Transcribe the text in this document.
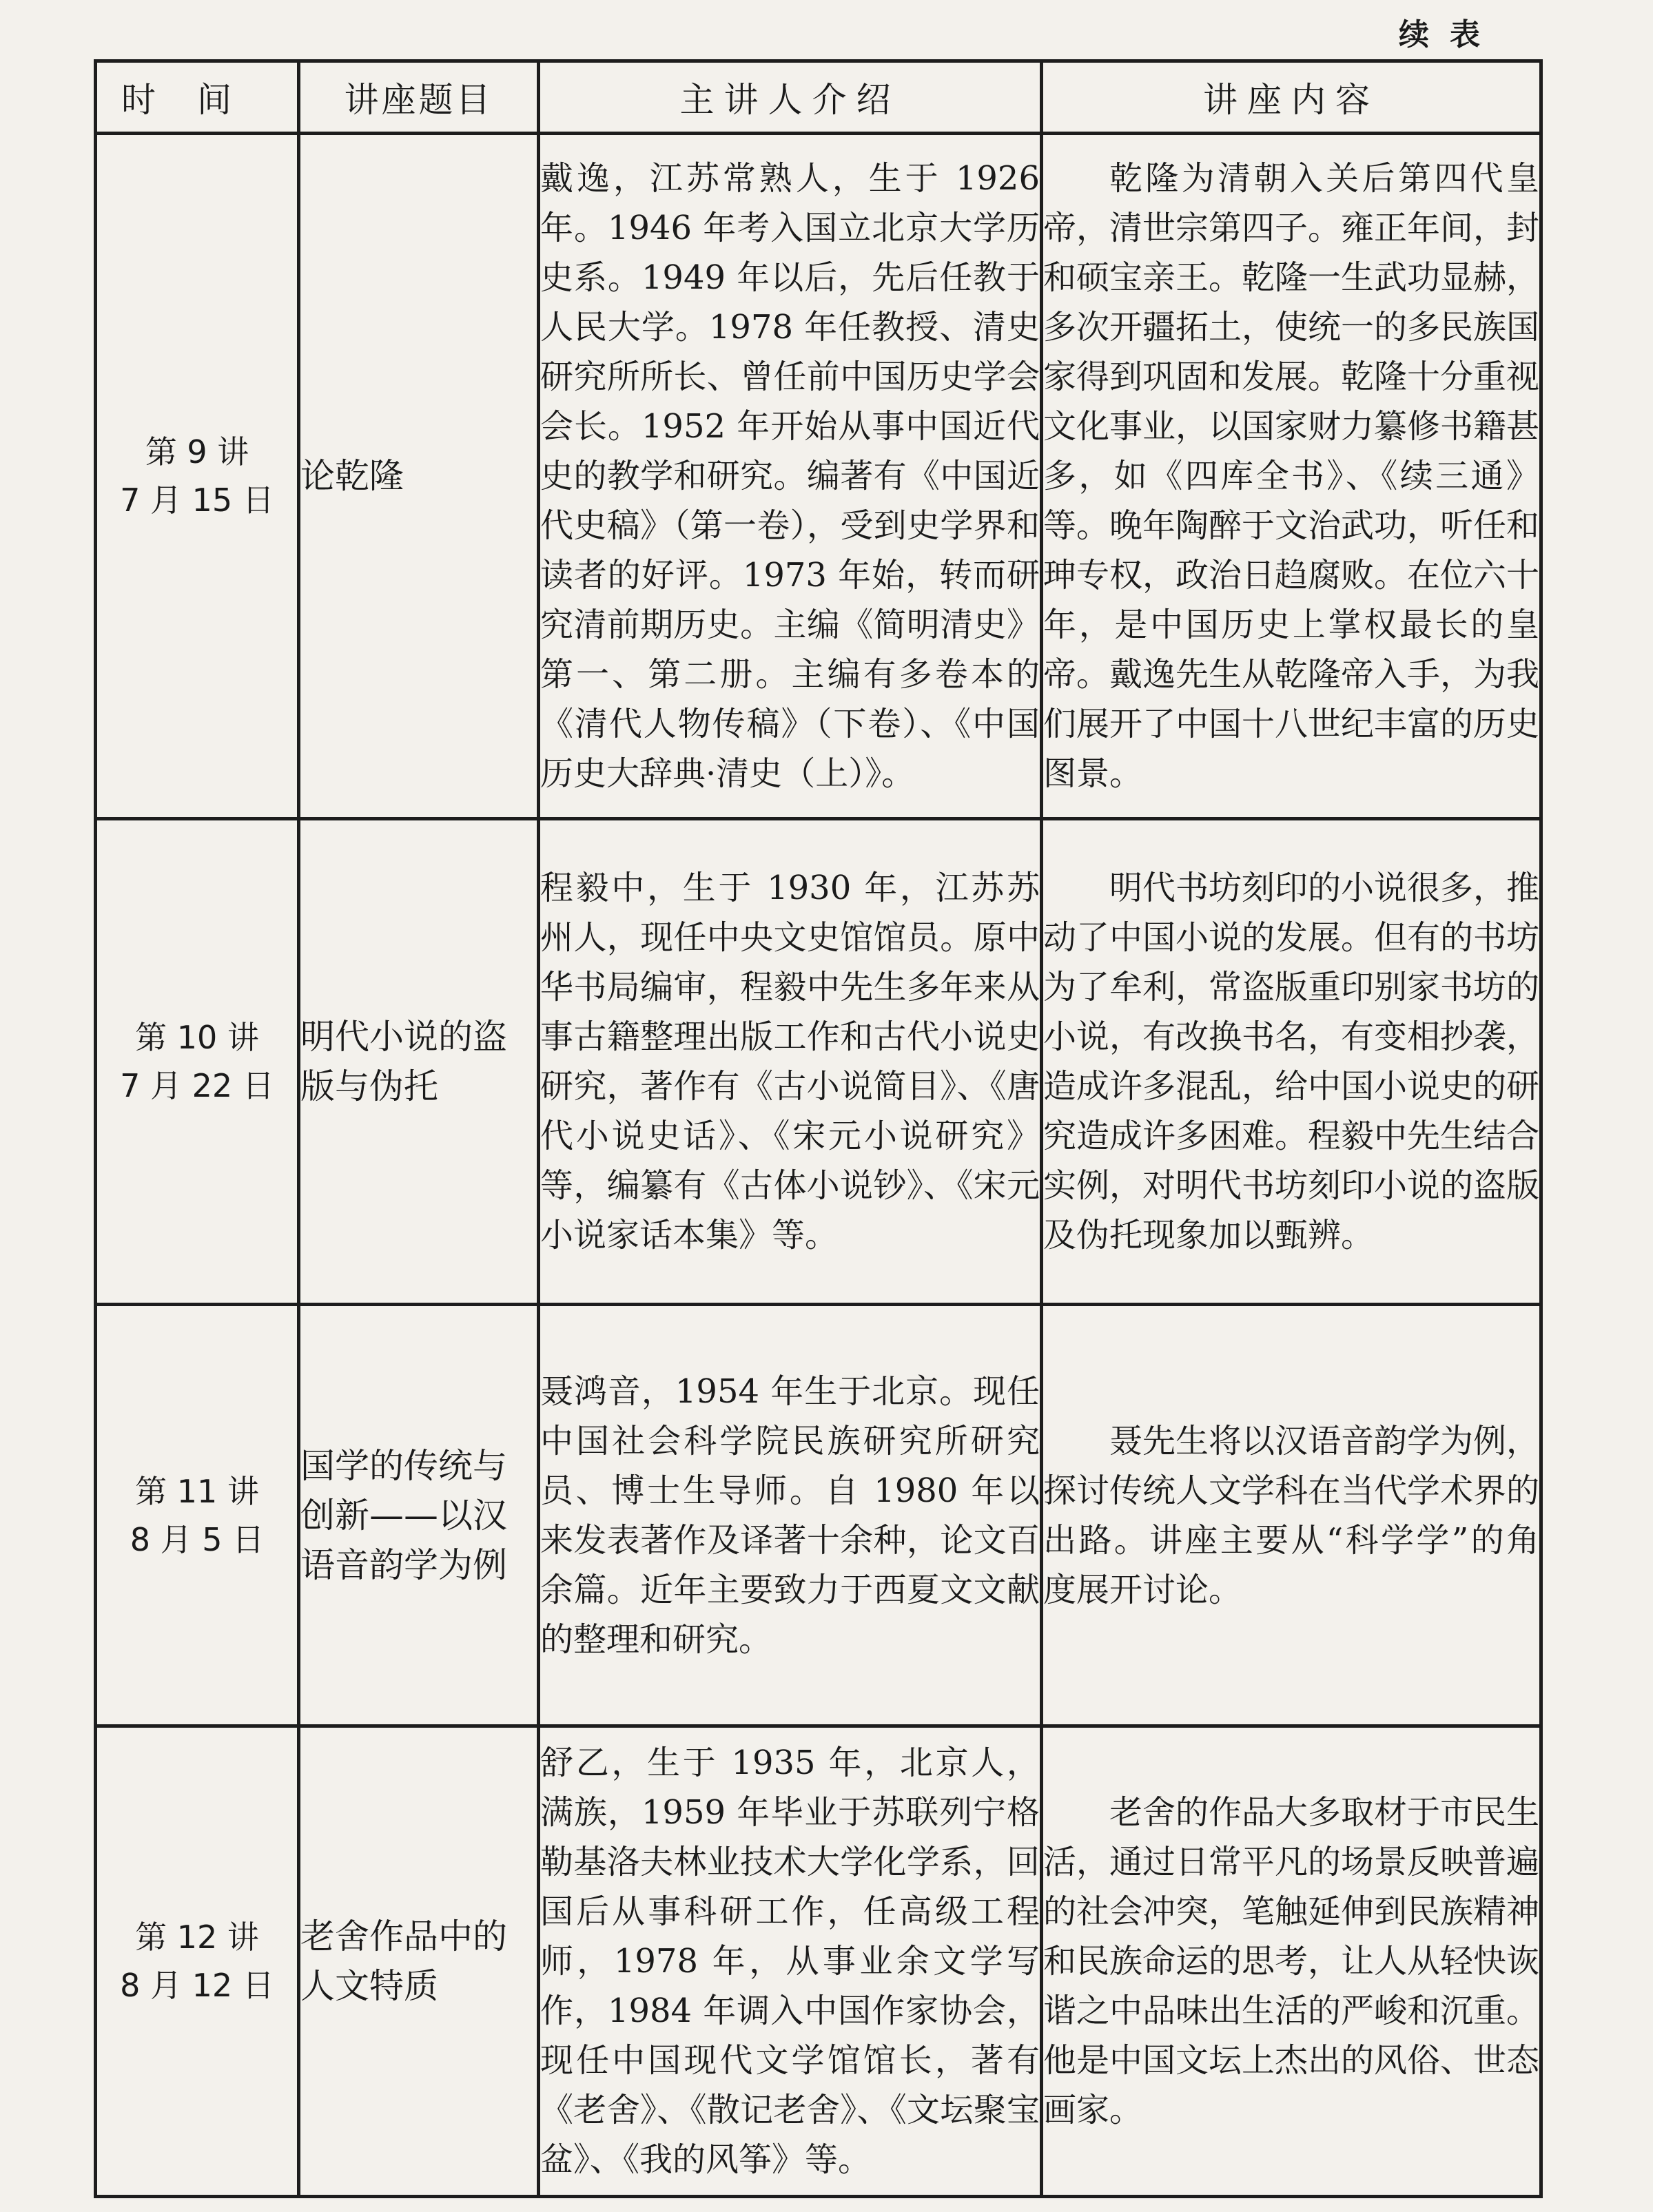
续表
时间	讲座题目	主讲人介绍	讲座内容

第 9 讲
7 月 15 日	论乾隆	戴逸，江苏常熟人，生于 1926 年。1946 年考入国立北京大学历史系。1949 年以后，先后任教于人民大学。1978 年任教授、清史研究所所长、曾任前中国历史学会会长。1952 年开始从事中国近代史的教学和研究。编著有《中国近代史稿》（第一卷），受到史学界和读者的好评。1973 年始，转而研究清前期历史。主编《简明清史》第一、第二册。主编有多卷本的《清代人物传稿》（下卷）、《中国历史大辞典·清史（上）》。	乾隆为清朝入关后第四代皇帝，清世宗第四子。雍正年间，封和硕宝亲王。乾隆一生武功显赫，多次开疆拓土，使统一的多民族国家得到巩固和发展。乾隆十分重视文化事业，以国家财力纂修书籍甚多，如《四库全书》、《续三通》等。晚年陶醉于文治武功，听任和珅专权，政治日趋腐败。在位六十年，是中国历史上掌权最长的皇帝。戴逸先生从乾隆帝入手，为我们展开了中国十八世纪丰富的历史图景。

第 10 讲
7 月 22 日	明代小说的盗版与伪托	程毅中，生于 1930 年，江苏苏州人，现任中央文史馆馆员。原中华书局编审，程毅中先生多年来从事古籍整理出版工作和古代小说史研究，著作有《古小说简目》、《唐代小说史话》、《宋元小说研究》等，编纂有《古体小说钞》、《宋元小说家话本集》等。	明代书坊刻印的小说很多，推动了中国小说的发展。但有的书坊为了牟利，常盗版重印别家书坊的小说，有改换书名，有变相抄袭，造成许多混乱，给中国小说史的研究造成许多困难。程毅中先生结合实例，对明代书坊刻印小说的盗版及伪托现象加以甄辨。

第 11 讲
8 月 5 日	国学的传统与创新——以汉语音韵学为例	聂鸿音，1954 年生于北京。现任中国社会科学院民族研究所研究员、博士生导师。自 1980 年以来发表著作及译著十余种，论文百余篇。近年主要致力于西夏文文献的整理和研究。	聂先生将以汉语音韵学为例，探讨传统人文学科在当代学术界的出路。讲座主要从“科学学”的角度展开讨论。

第 12 讲
8 月 12 日	老舍作品中的人文特质	舒乙，生于 1935 年，北京人，满族，1959 年毕业于苏联列宁格勒基洛夫林业技术大学化学系，回国后从事科研工作，任高级工程师，1978 年，从事业余文学写作，1984 年调入中国作家协会，现任中国现代文学馆馆长，著有《老舍》、《散记老舍》、《文坛聚宝盆》、《我的风筝》等。	老舍的作品大多取材于市民生活，通过日常平凡的场景反映普遍的社会冲突，笔触延伸到民族精神和民族命运的思考，让人从轻快诙谐之中品味出生活的严峻和沉重。他是中国文坛上杰出的风俗、世态画家。
